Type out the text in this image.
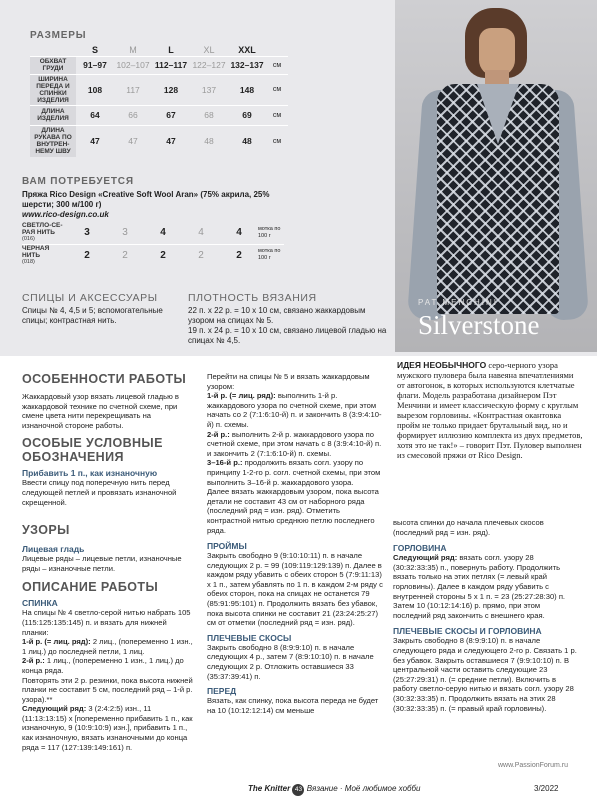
PAT MENCHINI
Silverstone
РАЗМЕРЫ
	S	M	L	XL	XXL	
ОБХВАТ ГРУДИ	91–97	102–107	112–117	122–127	132–137	см
ШИРИНА ПЕРЕДА И СПИНКИ ИЗДЕЛИЯ	108	117	128	137	148	см
ДЛИНА ИЗДЕЛИЯ	64	66	67	68	69	см
ДЛИНА РУКАВА ПО ВНУТРЕН-НЕМУ ШВУ	47	47	47	48	48	см
ВАМ ПОТРЕБУЕТСЯ
Пряжа Rico Design «Creative Soft Wool Aran» (75% акрила, 25% шерсти; 300 м/100 г)
www.rico-design.co.uk
СВЕТЛО-СЕ-РАЯ НИТЬ
(016)	3	3	4	4	4	мотка по 100 г
ЧЕРНАЯ НИТЬ
(018)	2	2	2	2	2	мотка по 100 г
СПИЦЫ И АКСЕССУАРЫ
Спицы № 4, 4,5 и 5; вспомогательные спицы; контрастная нить.
ПЛОТНОСТЬ ВЯЗАНИЯ
22 п. х 22 р. = 10 х 10 см, связано жаккардовым узором на спицах № 5.
19 п. х 24 р. = 10 х 10 см, связано лицевой гладью на спицах № 4,5.
ИДЕЯ НЕОБЫЧНОГО серо-черного узора мужского пуловера была навеяна впечатлениями от автогонок, в которых используются клетчатые флаги. Модель разработана дизайнером Пэт Менчини и имеет классическую форму с круглым вырезом горловины. «Контрастная окантовка пройм не только придает брутальный вид, но и формирует иллюзию комплекта из двух предметов, хотя это не так!» – говорит Пэт. Пуловер выполнен из смесовой пряжи от Rico Design.
ОСОБЕННОСТИ РАБОТЫ
Жаккардовый узор вязать лицевой гладью в жаккардовой технике по счетной схеме, при смене цвета нити перекрещивать на изнаночной стороне работы.
ОСОБЫЕ УСЛОВНЫЕ ОБОЗНАЧЕНИЯ
Прибавить 1 п., как изнаночную
Ввести спицу под поперечную нить перед следующей петлей и провязать изнаночной скрещенной.
УЗОРЫ
Лицевая гладь
Лицевые ряды – лицевые петли, изнаночные ряды – изнаночные петли.
ОПИСАНИЕ РАБОТЫ
СПИНКА
На спицы № 4 светло-серой нитью набрать 105 (115:125:135:145) п. и вязать для нижней планки:
1-й р. (= лиц. ряд): 2 лиц., (попеременно 1 изн., 1 лиц.) до последней петли, 1 лиц.
2-й р.: 1 лиц., (попеременно 1 изн., 1 лиц.) до конца ряда.
Повторять эти 2 р. резинки, пока высота нижней планки не составит 5 см, последний ряд – 1-й р. узора).**
Следующий ряд: 3 (2:4:2:5) изн., 11 (11:13:13:15) х [попеременно прибавить 1 п., как изнаночную, 9 (10:9:10:9) изн.], прибавить 1 п., как изнаночную, вязать изнаночными до конца ряда = 117 (127:139:149:161) п.
Перейти на спицы № 5 и вязать жаккардовым узором:
1-й р. (= лиц. ряд): выполнить 1-й р. жаккардового узора по счетной схеме, при этом начать со 2 (7:1:6:10-й) п. и закончить 8 (3:9:4:10-й) п. схемы.
2-й р.: выполнить 2-й р. жаккардового узора по счетной схеме, при этом начать с 8 (3:9:4:10-й) п. и закончить 2 (7:1:6:10-й) п. схемы.
3–16-й р.: продолжить вязать согл. узору по принципу 1-2-го р. согл. счетной схемы, при этом выполнить 3–16-й р. жаккардового узора.
Далее вязать жаккардовым узором, пока высота детали не составит 43 см от наборного ряда (последний ряд = изн. ряд). Отметить контрастной нитью среднюю петлю последнего ряда.
ПРОЙМЫ
Закрыть свободно 9 (9:10:10:11) п. в начале следующих 2 р. = 99 (109:119:129:139) п. Далее в каждом ряду убавить с обеих сторон 5 (7:9:11:13) х 1 п., затем убавлять по 1 п. в каждом 2-м ряду с обеих сторон, пока на спицах не останется 79 (85:91:95:101) п. Продолжить вязать без убавок, пока высота спинки не составит 21 (23:24:25:27) см от отметки (последний ряд = изн. ряд).
ПЛЕЧЕВЫЕ СКОСЫ
Закрыть свободно 8 (8:9:9:10) п. в начале следующих 4 р., затем 7 (8:9:10:10) п. в начале следующих 2 р. Отложить оставшиеся 33 (35:37:39:41) п.
ПЕРЕД
Вязать, как спинку, пока высота переда не будет на 10 (10:12:12:14) см меньше
высота спинки до начала плечевых скосов (последний ряд = изн. ряд).
ГОРЛОВИНА
Следующий ряд: вязать согл. узору 28 (30:32:33:35) п., повернуть работу. Продолжить вязать только на этих петлях (= левый край горловины). Далее в каждом ряду убавить с внутренней стороны 5 х 1 п. = 23 (25:27:28:30) п. Затем 10 (10:12:14:16) р. прямо, при этом последний ряд закончить с внешнего края.
ПЛЕЧЕВЫЕ СКОСЫ И ГОРЛОВИНА
Закрыть свободно 8 (8:9:9:10) п. в начале следующего ряда и следующего 2-го р. Связать 1 р. без убавок. Закрыть оставшиеся 7 (9:9:10:10) п. В центральной части оставить следующие 23 (25:27:29:31) п. (= средние петли). Включить в работу светло-серую нитью и вязать согл. узору 28 (30:32:33:35) п. Продолжить вязать на этих 28 (30:32:33:35) п. (= правый край горловины).
www.PassionForum.ru
The Knitter 43 Вязание · Моё любимое хобби	3/2022
